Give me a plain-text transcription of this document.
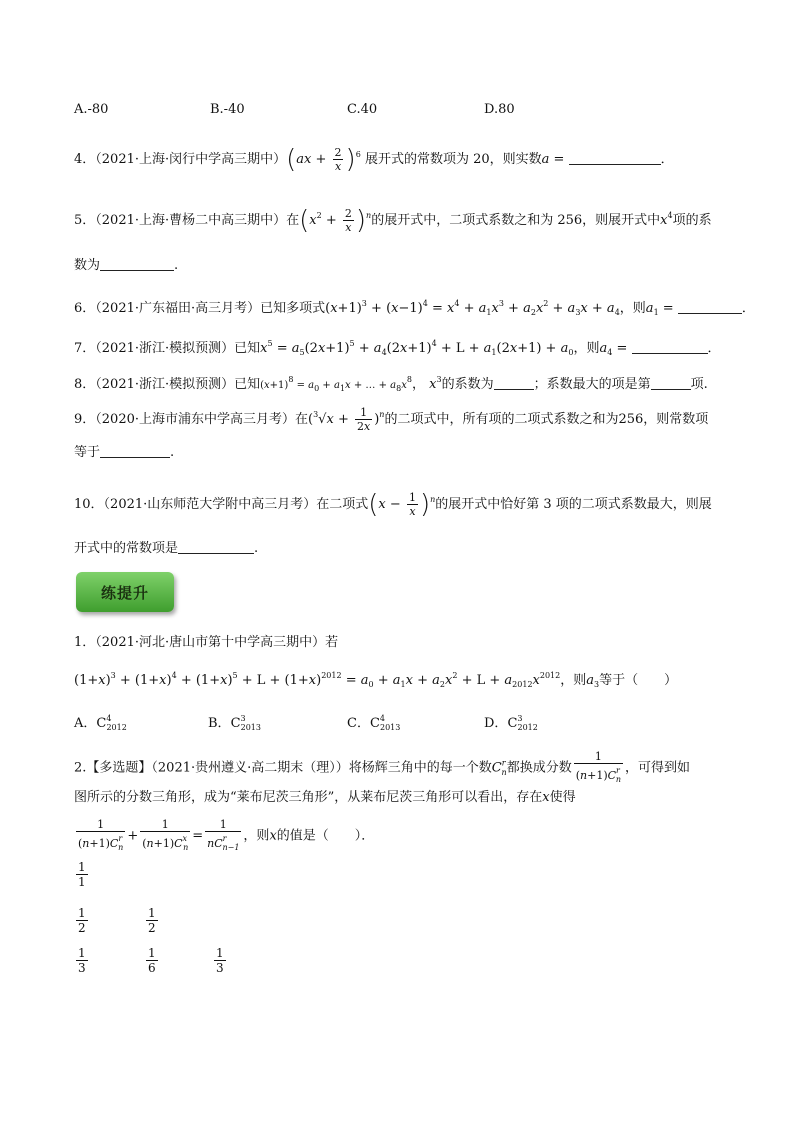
A.-80	B.-40	C.40	D.80
4．（2021·上海·闵行中学高三期中）$(ax + \frac{2}{x} )^6$ 展开式的常数项为 20，则实数a =	．
5．（2021·上海·曹杨二中高三期中）在$(x^2 + \frac{2}{x} )^n$的展开式中，二项式系数之和为 256，则展开式中$x^4$项的系
数为	.
6．（2021·广东福田·高三月考）已知多项式$(x+1)^3 + (x-1)^4 = x^4 + a_1x^3 + a_2x^2 + a_3x + a_4$，则$a_1$ =	．
7．（2021·浙江·模拟预测）已知$x^5 = a_5(2x+1)^5 + a_4(2x+1)^4 + L + a_1(2x+1) + a_0$，则$a_4$ =	．
8．（2021·浙江·模拟预测）已知$(x+1)^8 = a_0 + a_1x$ + … + $a_8x^8$， $x^3$的系数为	；系数最大的项是第	项.
9．（2020·上海市浦东中学高三月考）在$(^3√x + \frac{1}{2x} )^n$的二项式中，所有项的二项式系数之和为256，则常数项
等于	.
10．（2021·山东师范大学附中高三月考）在二项式$(x - \frac{1}{x} )^n$的展开式中恰好第 3 项的二项式系数最大，则展
开式中的常数项是	.
练提升
1．（2021·河北·唐山市第十中学高三期中）若
$(1+x)^3 + (1+x)^4 + (1+x)^5 + L + (1+x)^{2012} = a_0 + a_1x + a_2x^2 + L + a_{2012}x^{2012}$，则$a_3$等于（　　）
A．$C^4_{2012}$	B．$C^3_{2013}$	C．$C^4_{2013}$	D．$C^3_{2012}$
2.【多选题】（2021·贵州遵义·高二期末（理））将杨辉三角中的每一个数$C^r_n$都换成分数 $\frac{1}{(n+1)C^r_n}$ ，可得到如
图所示的分数三角形，成为“莱布尼茨三角形”，从莱布尼茨三角形可以看出，存在x使得
$\frac{1}{(n+1)C^r_n} + \frac{1}{(n+1)C^x_n} = \frac{1}{nC^r_{n-1}}$ ，则x的值是（　　）．
$\frac{1}{1}$
$\frac{1}{2}$	$\frac{1}{2}$
$\frac{1}{3}$	$\frac{1}{6}$	$\frac{1}{3}$
